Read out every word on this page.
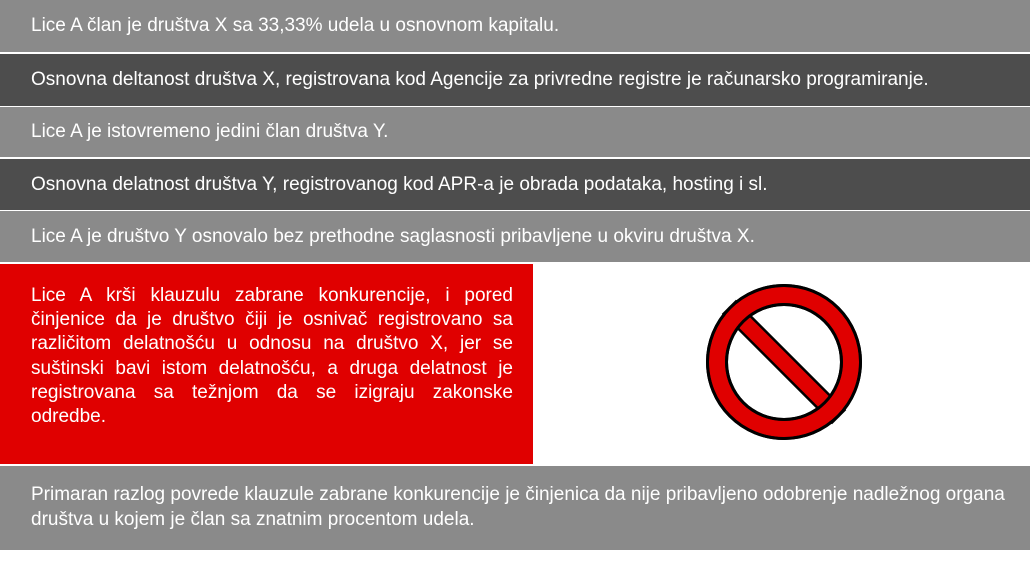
Lice A član je društva X sa 33,33% udela u osnovnom kapitalu.
Osnovna deltanost društva X, registrovana kod Agencije za privredne registre je računarsko programiranje.
Lice A je istovremeno jedini član društva Y.
Osnovna delatnost društva Y, registrovanog kod APR-a je obrada podataka, hosting i sl.
Lice A je društvo Y osnovalo bez prethodne saglasnosti pribavljene u okviru društva X.
Lice A krši klauzulu zabrane konkurencije, i pored činjenice da je društvo čiji je osnivač registrovano sa različitom delatnošću u odnosu na društvo X, jer se suštinski bavi istom delatnošću, a druga delatnost je registrovana sa težnjom da se izigraju zakonske odredbe.
Primaran razlog povrede klauzule zabrane konkurencije je činjenica da nije pribavljeno odobrenje nadležnog organa društva u kojem je član sa znatnim procentom udela.
